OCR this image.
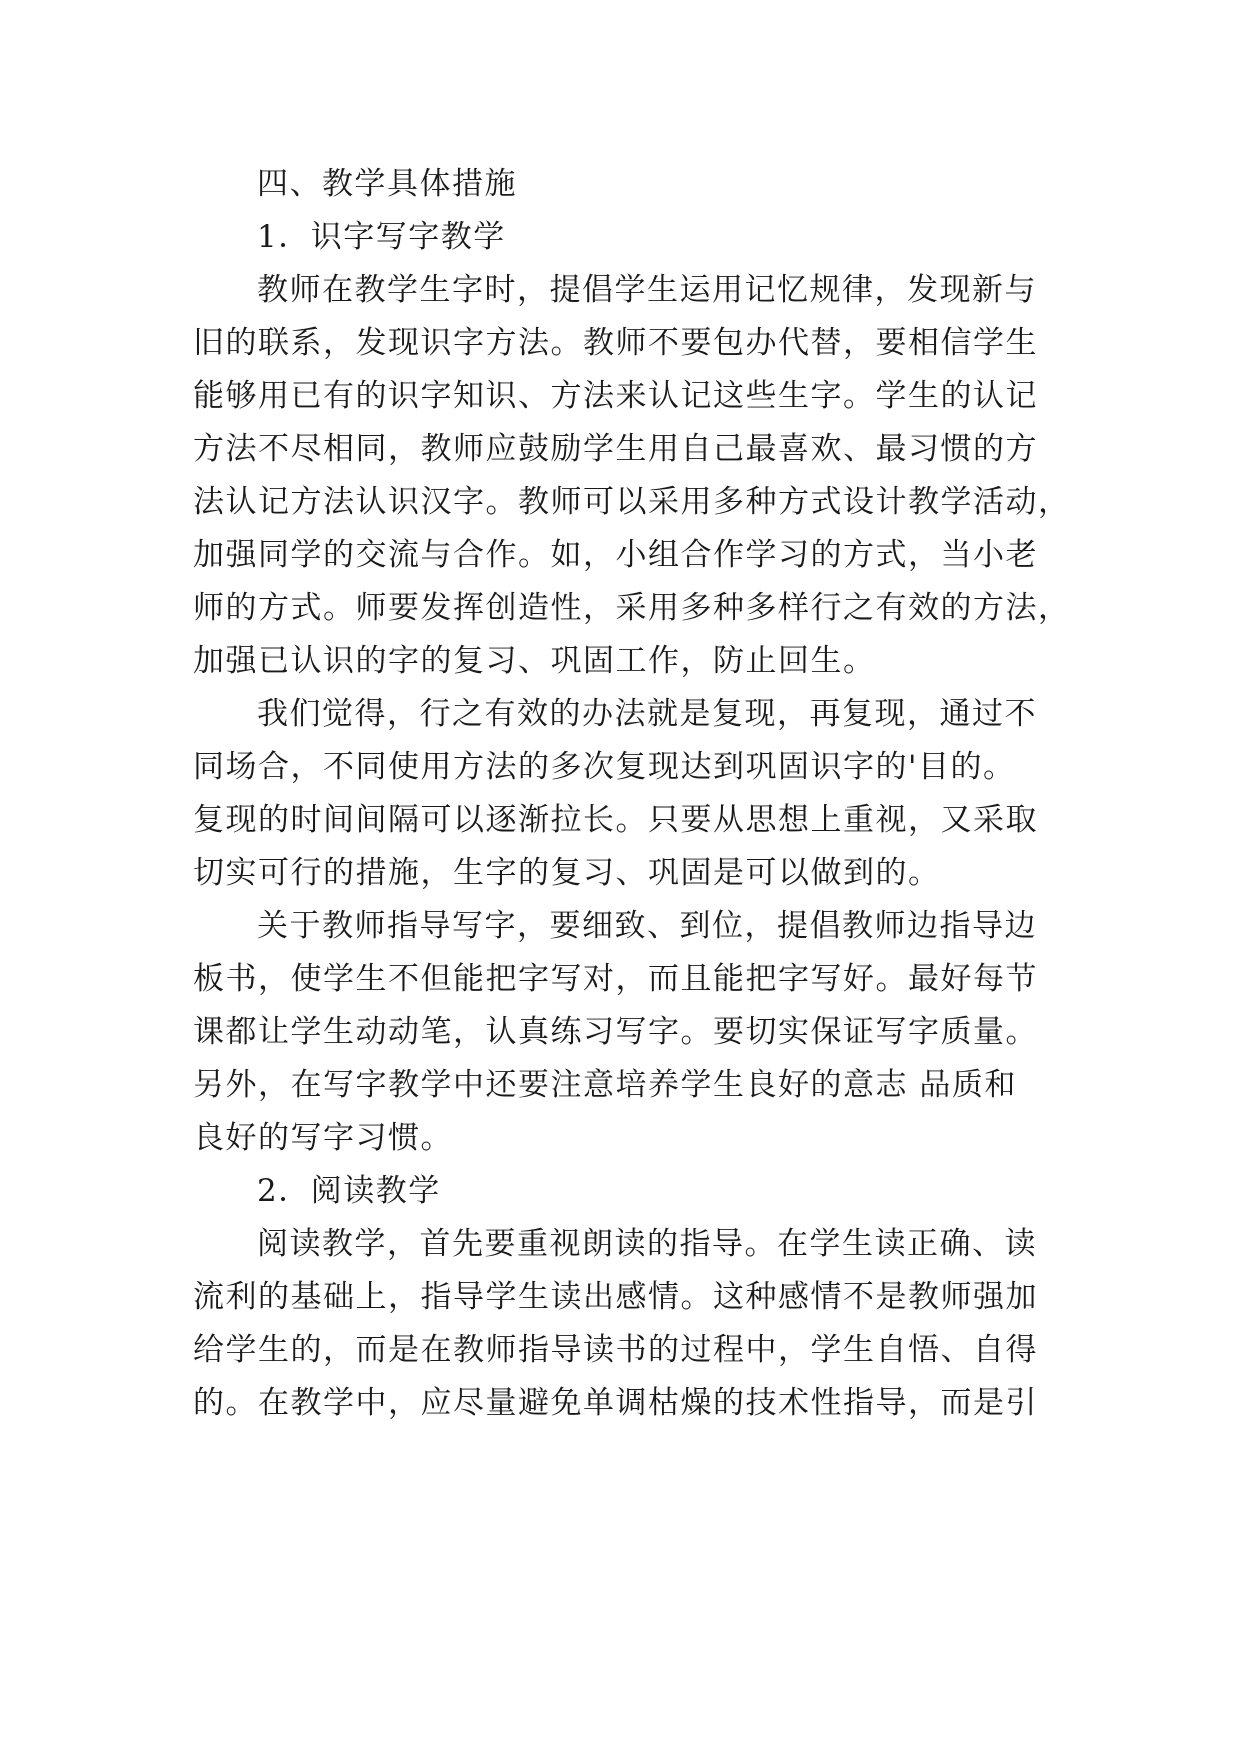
四、教学具体措施
1．识字写字教学
教师在教学生字时，提倡学生运用记忆规律，发现新与
旧的联系，发现识字方法。教师不要包办代替，要相信学生
能够用已有的识字知识、方法来认记这些生字。学生的认记
方法不尽相同，教师应鼓励学生用自己最喜欢、最习惯的方
法认记方法认识汉字。教师可以采用多种方式设计教学活动，
加强同学的交流与合作。如，小组合作学习的方式，当小老
师的方式。师要发挥创造性，采用多种多样行之有效的方法，
加强已认识的字的复习、巩固工作，防止回生。
我们觉得，行之有效的办法就是复现，再复现，通过不
同场合，不同使用方法的多次复现达到巩固识字的'目的。
复现的时间间隔可以逐渐拉长。只要从思想上重视，又采取
切实可行的措施，生字的复习、巩固是可以做到的。
关于教师指导写字，要细致、到位，提倡教师边指导边
板书，使学生不但能把字写对，而且能把字写好。最好每节
课都让学生动动笔，认真练习写字。要切实保证写字质量。
另外，在写字教学中还要注意培养学生良好的意志 品质和
良好的写字习惯。
2．阅读教学
阅读教学，首先要重视朗读的指导。在学生读正确、读
流利的基础上，指导学生读出感情。这种感情不是教师强加
给学生的，而是在教师指导读书的过程中，学生自悟、自得
的。在教学中，应尽量避免单调枯燥的技术性指导，而是引
